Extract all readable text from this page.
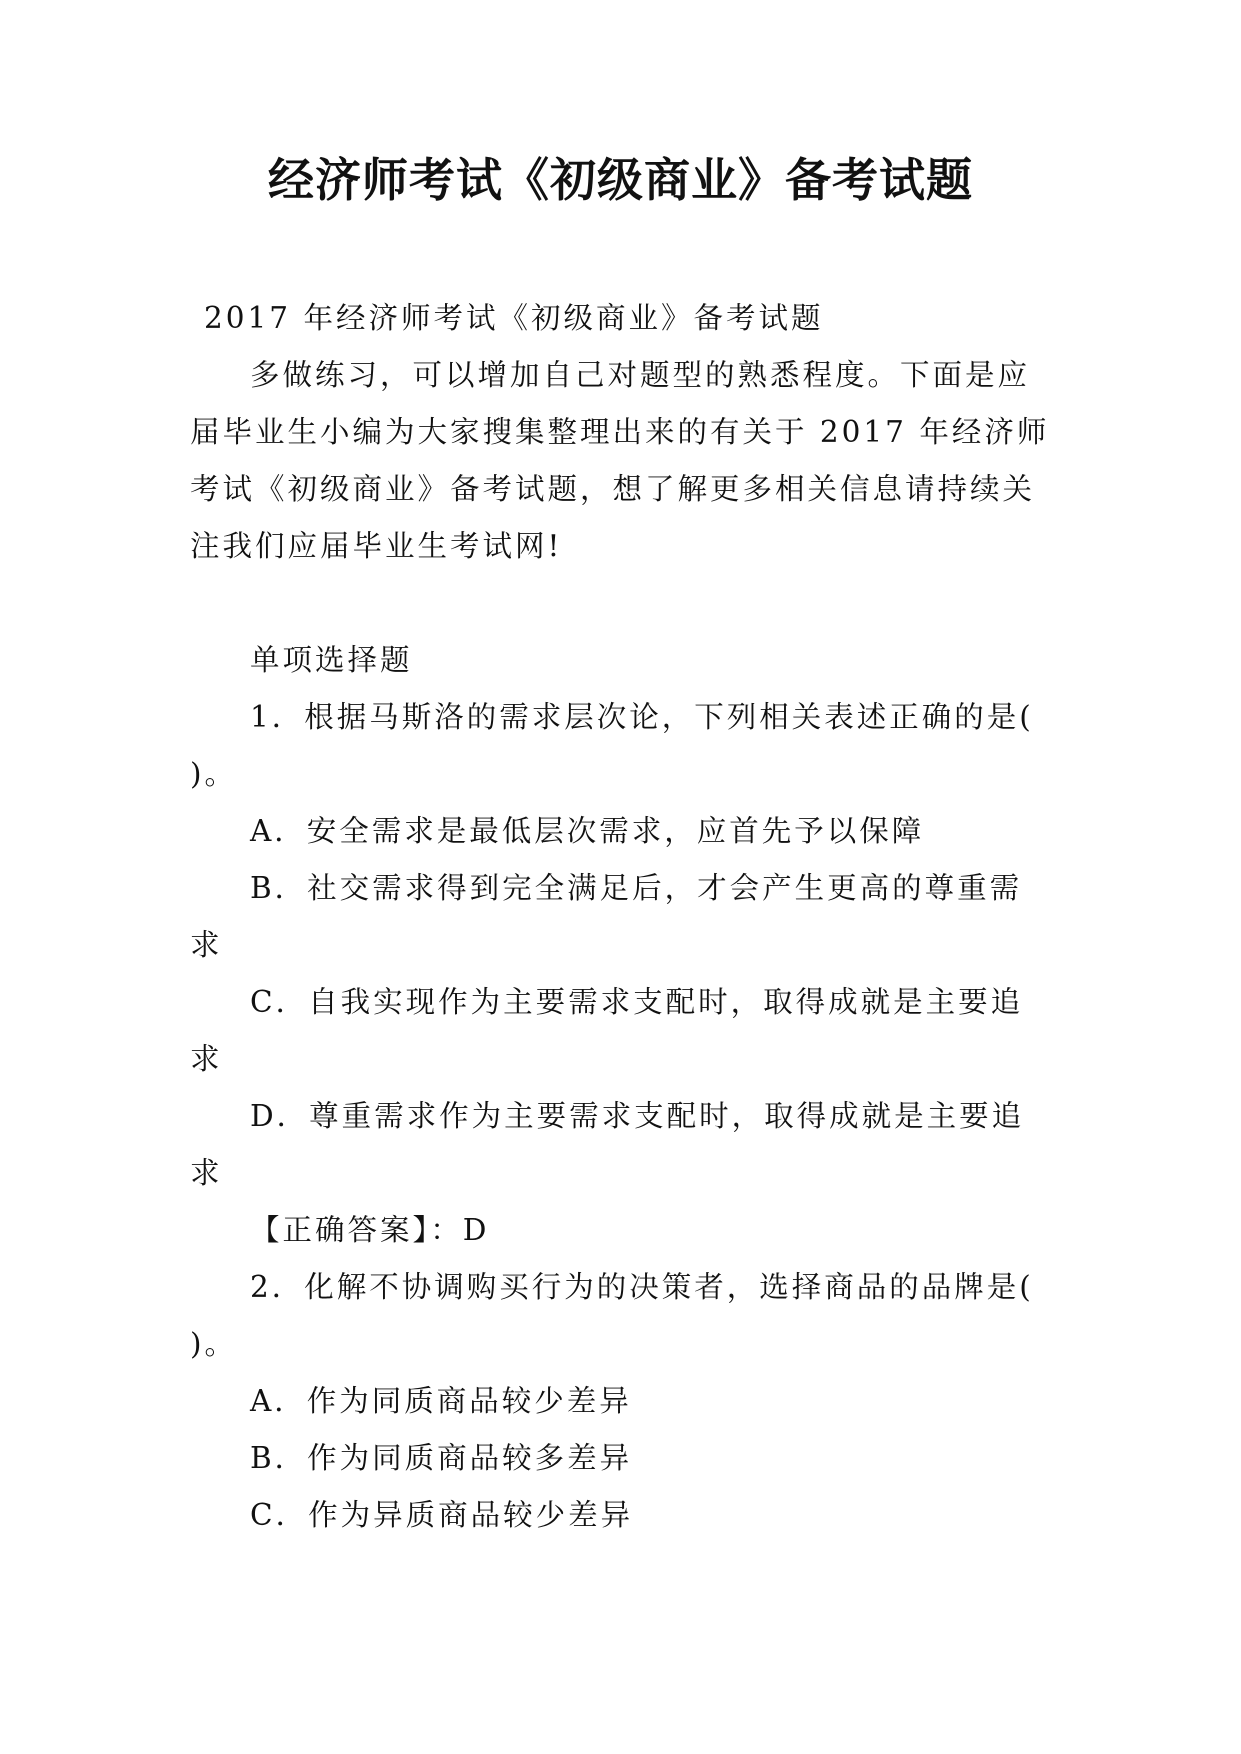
经济师考试《初级商业》备考试题

2017 年经济师考试《初级商业》备考试题

多做练习，可以增加自己对题型的熟悉程度。下面是应届毕业生小编为大家搜集整理出来的有关于 2017 年经济师考试《初级商业》备考试题，想了解更多相关信息请持续关注我们应届毕业生考试网!

单项选择题

1．根据马斯洛的需求层次论，下列相关表述正确的是( )。

A．安全需求是最低层次需求，应首先予以保障

B．社交需求得到完全满足后，才会产生更高的尊重需求

C．自我实现作为主要需求支配时，取得成就是主要追求

D．尊重需求作为主要需求支配时，取得成就是主要追求

【正确答案】：D

2．化解不协调购买行为的决策者，选择商品的品牌是( )。

A．作为同质商品较少差异

B．作为同质商品较多差异

C．作为异质商品较少差异
